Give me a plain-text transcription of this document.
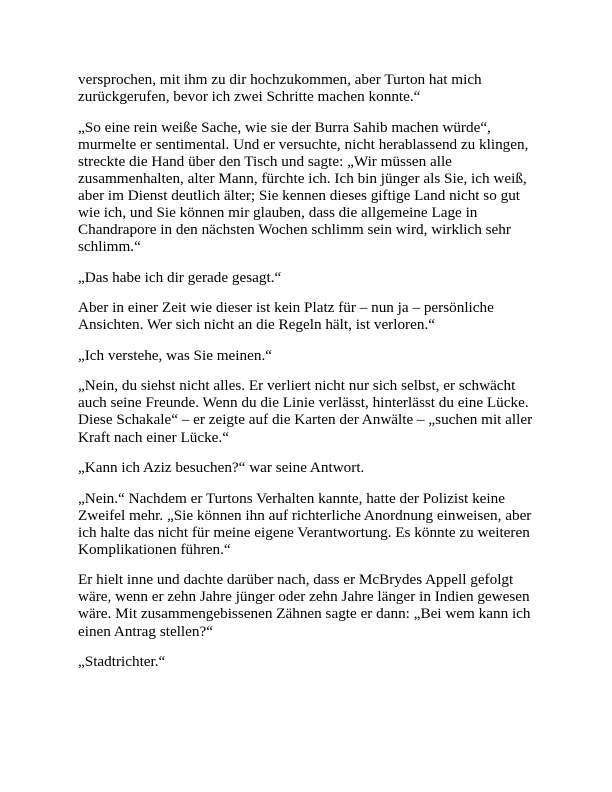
versprochen, mit ihm zu dir hochzukommen, aber Turton hat mich zurückgerufen, bevor ich zwei Schritte machen konnte.“

„So eine rein weiße Sache, wie sie der Burra Sahib machen würde“, murmelte er sentimental. Und er versuchte, nicht herablassend zu klingen, streckte die Hand über den Tisch und sagte: „Wir müssen alle zusammenhalten, alter Mann, fürchte ich. Ich bin jünger als Sie, ich weiß, aber im Dienst deutlich älter; Sie kennen dieses giftige Land nicht so gut wie ich, und Sie können mir glauben, dass die allgemeine Lage in Chandrapore in den nächsten Wochen schlimm sein wird, wirklich sehr schlimm.“

„Das habe ich dir gerade gesagt.“

Aber in einer Zeit wie dieser ist kein Platz für – nun ja – persönliche Ansichten. Wer sich nicht an die Regeln hält, ist verloren.“

„Ich verstehe, was Sie meinen.“

„Nein, du siehst nicht alles. Er verliert nicht nur sich selbst, er schwächt auch seine Freunde. Wenn du die Linie verlässt, hinterlässt du eine Lücke. Diese Schakale“ – er zeigte auf die Karten der Anwälte – „suchen mit aller Kraft nach einer Lücke.“

„Kann ich Aziz besuchen?“ war seine Antwort.

„Nein.“ Nachdem er Turtons Verhalten kannte, hatte der Polizist keine Zweifel mehr. „Sie können ihn auf richterliche Anordnung einweisen, aber ich halte das nicht für meine eigene Verantwortung. Es könnte zu weiteren Komplikationen führen.“

Er hielt inne und dachte darüber nach, dass er McBrydes Appell gefolgt wäre, wenn er zehn Jahre jünger oder zehn Jahre länger in Indien gewesen wäre. Mit zusammengebissenen Zähnen sagte er dann: „Bei wem kann ich einen Antrag stellen?“

„Stadtrichter.“
